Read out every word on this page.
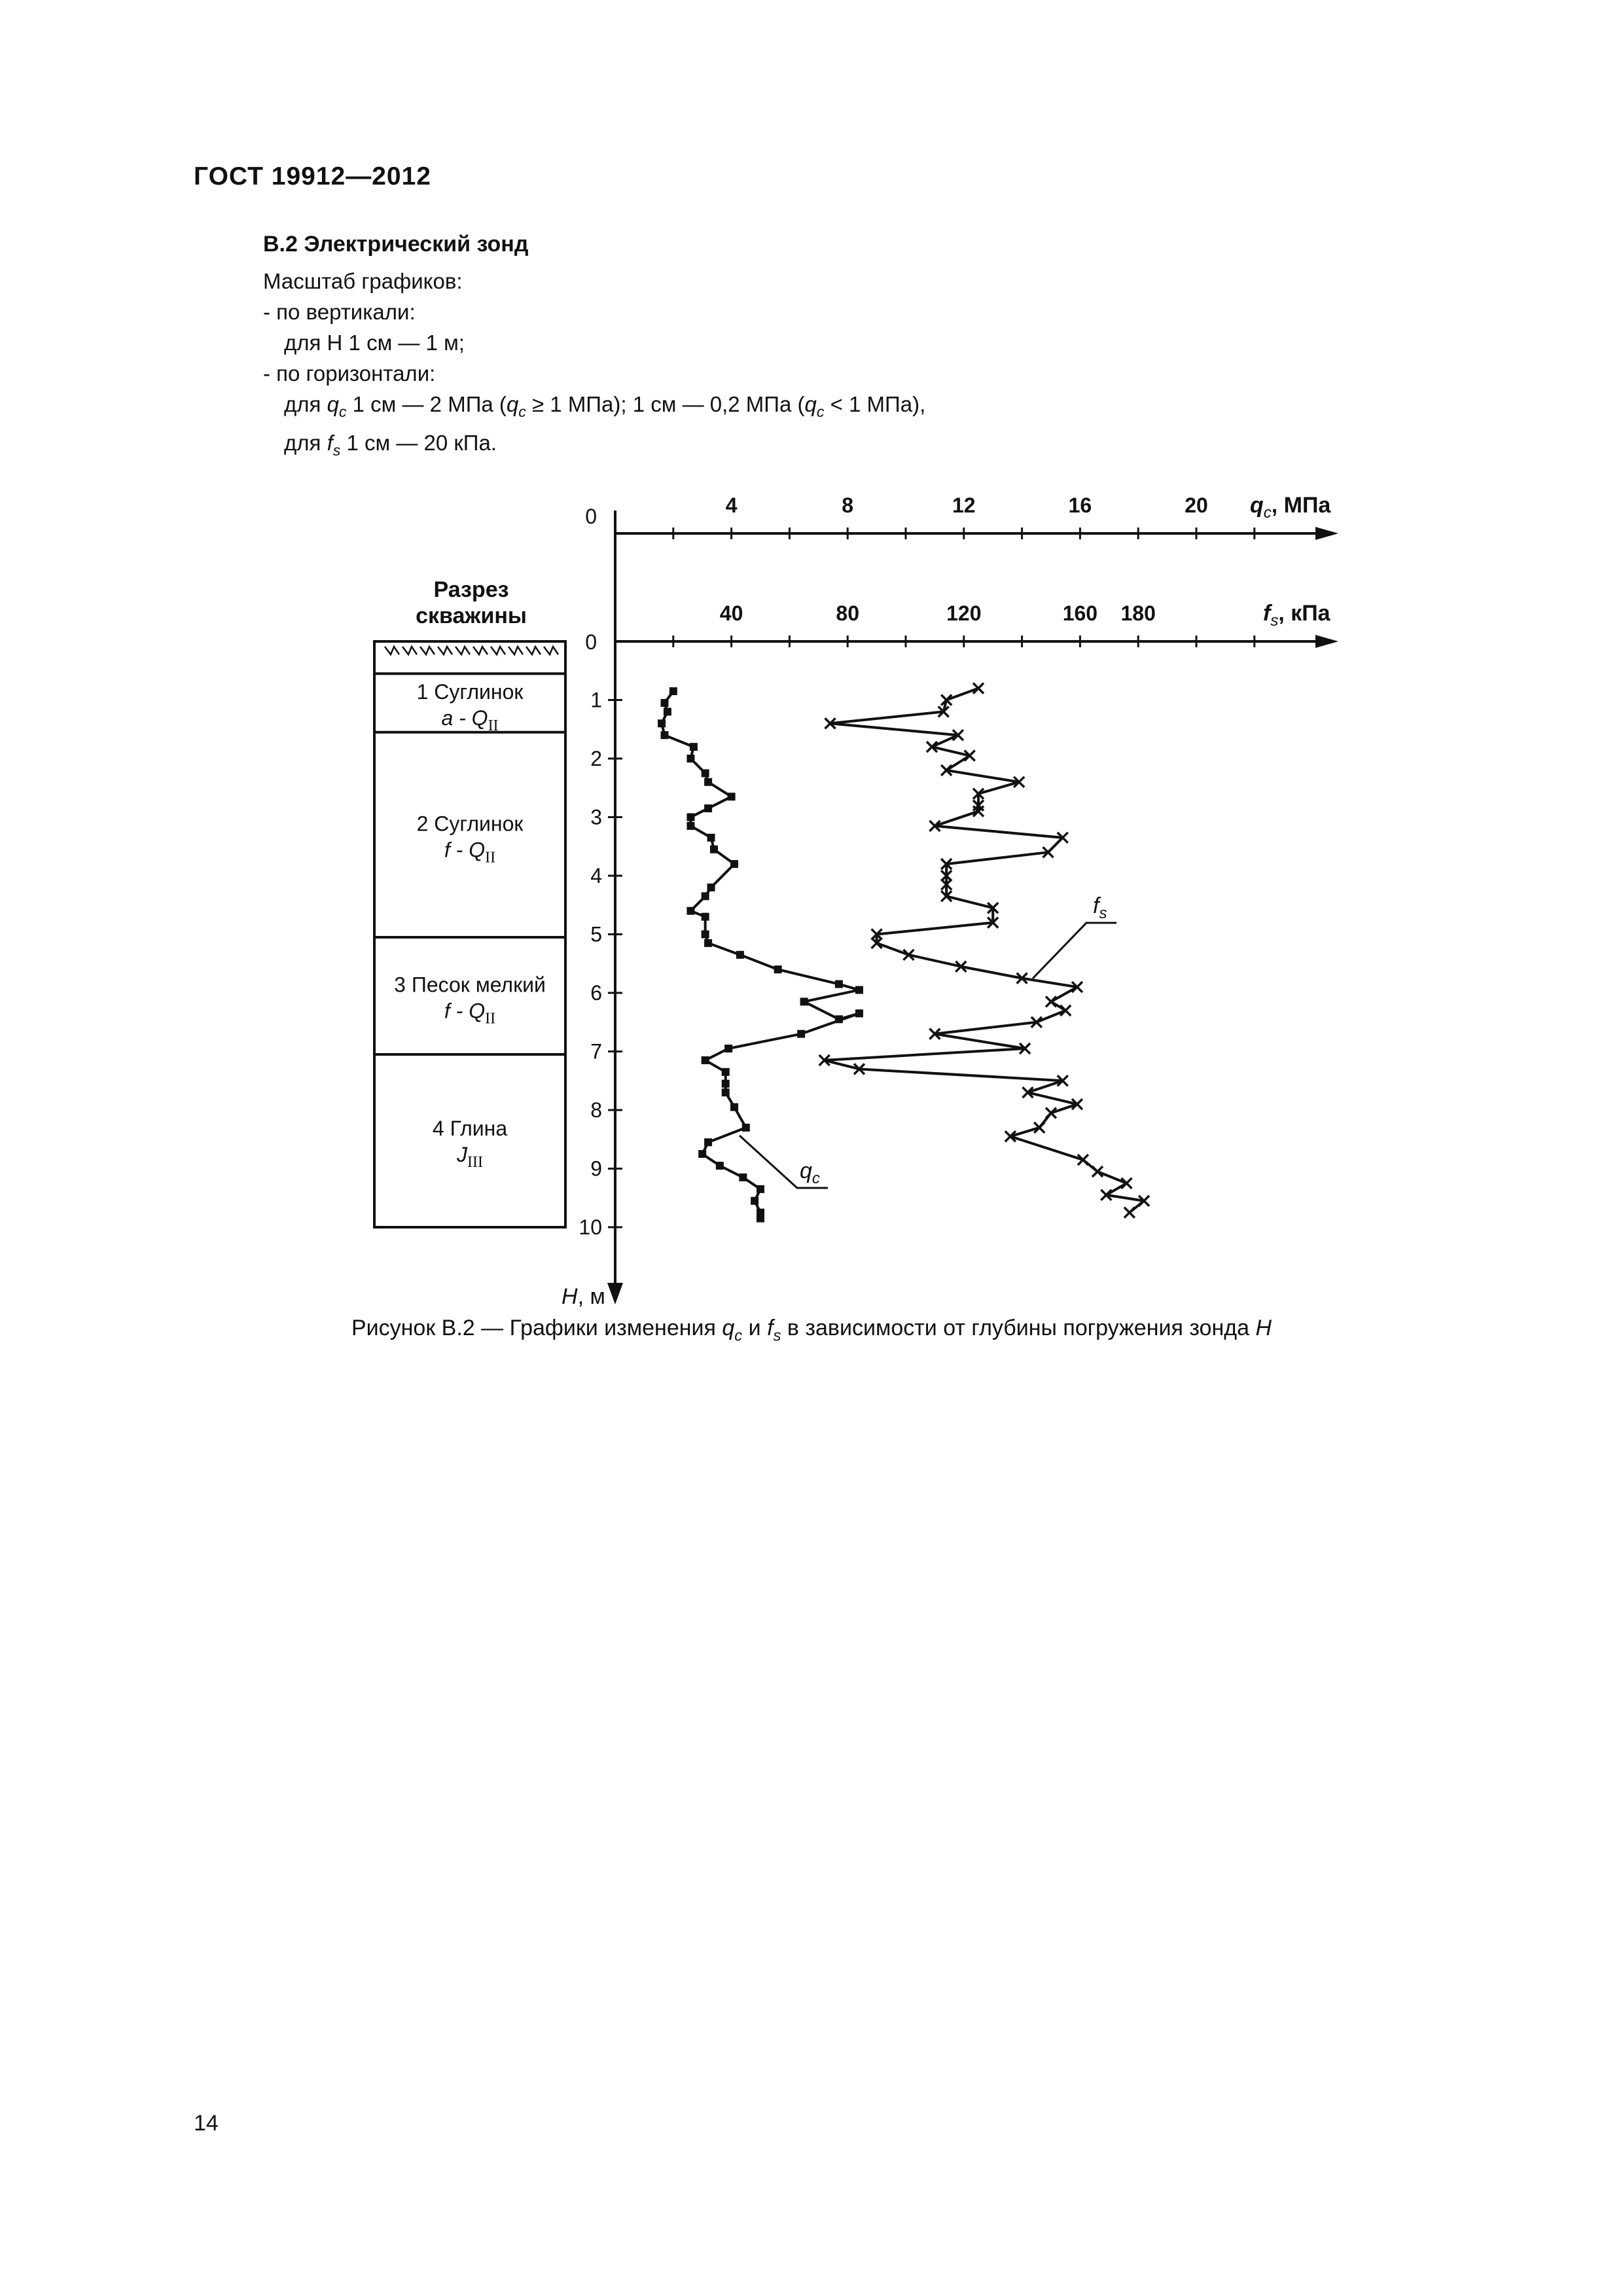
ГОСТ 19912—2012
В.2 Электрический зонд
Масштаб графиков:
- по вертикали:
для Н 1 см — 1 м;
- по горизонтали:
для $q_c$ 1 см — 2 МПа ($q_c \ge 1$ МПа); 1 см — 0,2 МПа ($q_c < 1$ МПа),
для $f_s$ 1 см — 20 кПа.
4	8	12	16	20
40	80	120	160 180
1
2
3
4
5
6
7
8
9
10
0
0
$q_c$, МПа
$f_s$, кПа
H, м
Разрез
скважины
1 Суглинок
a - $Q_{II}$
2 Суглинок
f - $Q_{II}$
3 Песок мелкий
f - $Q_{II}$
4 Глина
$J_{III}$	$q_c$
$f_s$
Рисунок В.2 — Графики изменения $q_c$ и $f_s$ в зависимости от глубины погружения зонда H
14
